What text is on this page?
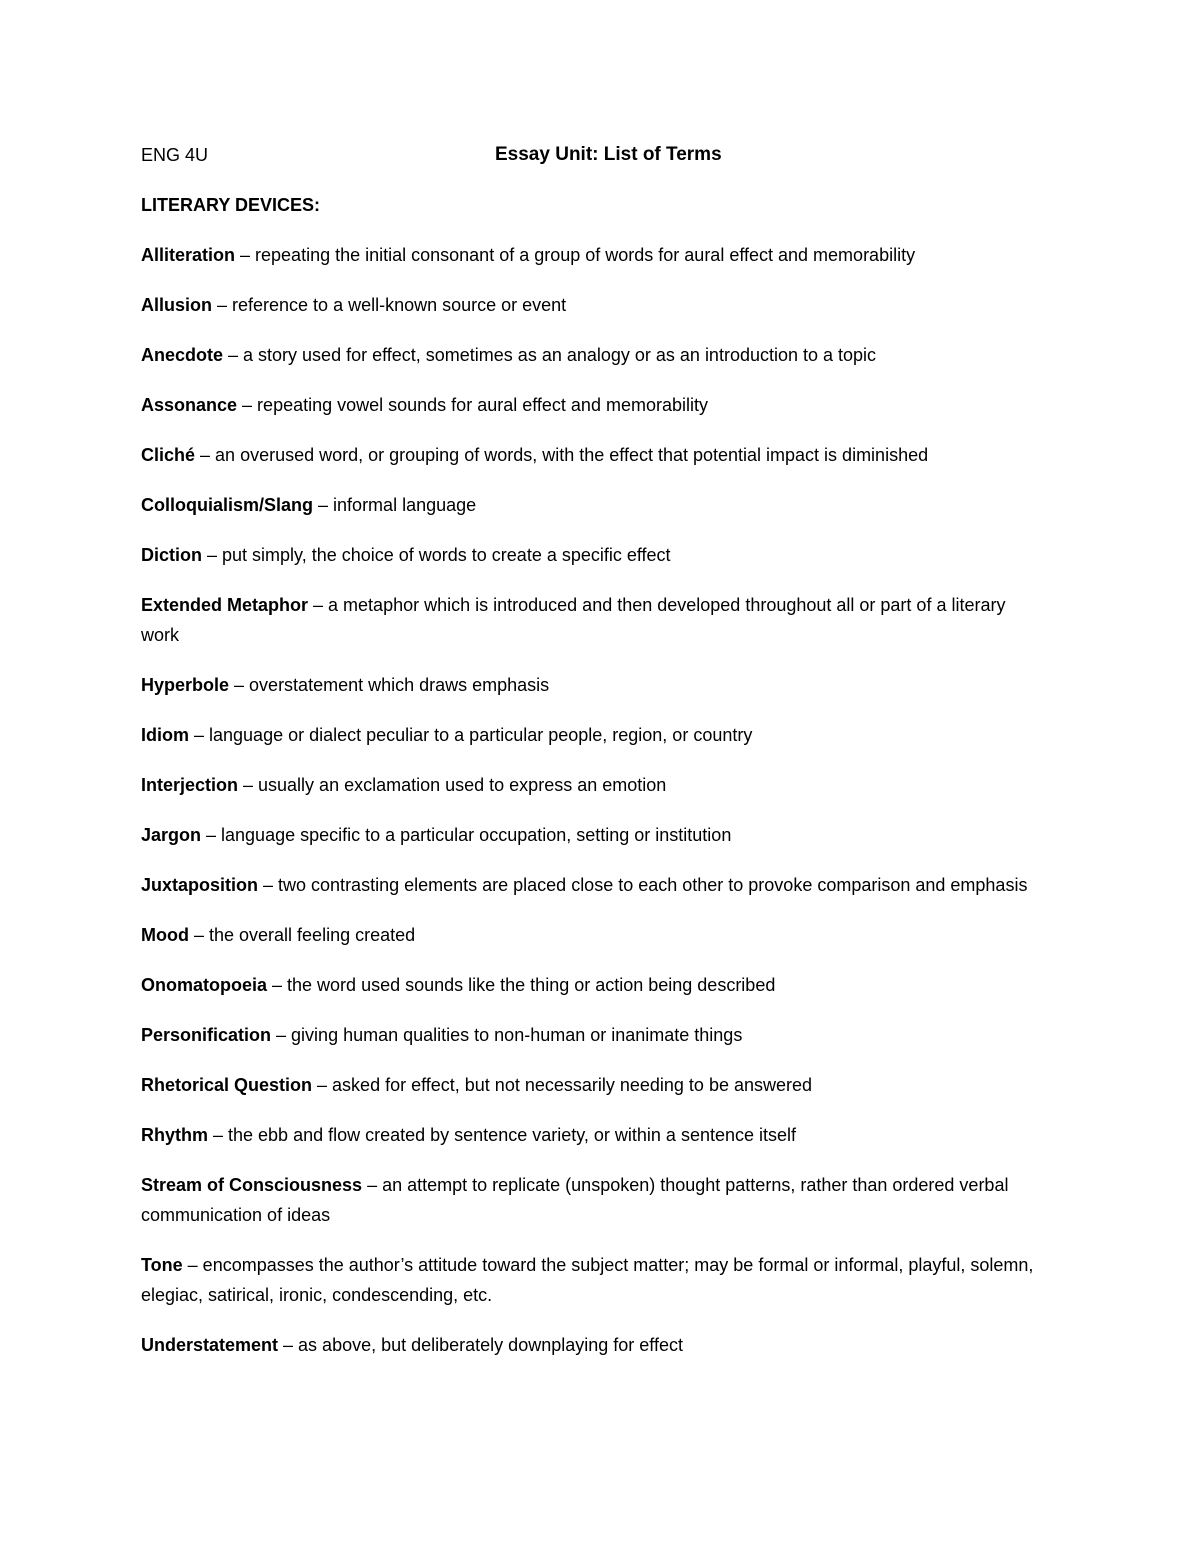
ENG 4U	Essay Unit: List of Terms
LITERARY DEVICES:
Alliteration – repeating the initial consonant of a group of words for aural effect and memorability
Allusion – reference to a well-known source or event
Anecdote – a story used for effect, sometimes as an analogy or as an introduction to a topic
Assonance – repeating vowel sounds for aural effect and memorability
Cliché – an overused word, or grouping of words, with the effect that potential impact is diminished
Colloquialism/Slang – informal language
Diction – put simply, the choice of words to create a specific effect
Extended Metaphor – a metaphor which is introduced and then developed throughout all or part of a literary work
Hyperbole – overstatement which draws emphasis
Idiom – language or dialect peculiar to a particular people, region, or country
Interjection – usually an exclamation used to express an emotion
Jargon – language specific to a particular occupation, setting or institution
Juxtaposition – two contrasting elements are placed close to each other to provoke comparison and emphasis
Mood – the overall feeling created
Onomatopoeia – the word used sounds like the thing or action being described
Personification – giving human qualities to non-human or inanimate things
Rhetorical Question – asked for effect, but not necessarily needing to be answered
Rhythm – the ebb and flow created by sentence variety, or within a sentence itself
Stream of Consciousness – an attempt to replicate (unspoken) thought patterns, rather than ordered verbal communication of ideas
Tone – encompasses the author’s attitude toward the subject matter; may be formal or informal, playful, solemn, elegiac, satirical, ironic, condescending, etc.
Understatement – as above, but deliberately downplaying for effect
